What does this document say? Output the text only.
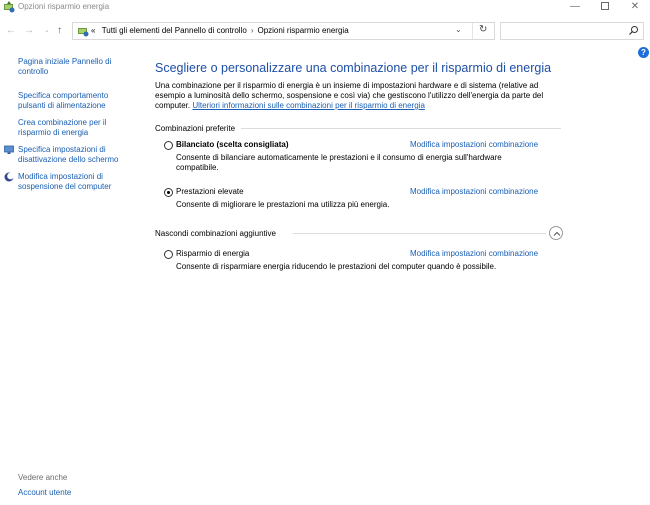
Opzioni risparmio energia	—	✕
← → ⌄ ↑	« Tutti gli elementi del Pannello di controllo › Opzioni risparmio energia	⌄ ↻
?
Pagina iniziale Pannello di
controllo
Specifica comportamento
pulsanti di alimentazione
Crea combinazione per il
risparmio di energia
Specifica impostazioni di
disattivazione dello schermo
Modifica impostazioni di
sospensione del computer
Vedere anche
Account utente
Scegliere o personalizzare una combinazione per il risparmio di energia
Una combinazione per il risparmio di energia è un insieme di impostazioni hardware e di sistema (relative ad esempio a luminosità dello schermo, sospensione e così via) che gestiscono l'utilizzo dell'energia da parte del computer. Ulteriori informazioni sulle combinazioni per il risparmio di energia
Combinazioni preferite
Bilanciato (scelta consigliata)	Modifica impostazioni combinazione
Consente di bilanciare automaticamente le prestazioni e il consumo di energia sull'hardware compatibile.
Prestazioni elevate	Modifica impostazioni combinazione
Consente di migliorare le prestazioni ma utilizza più energia.
Nascondi combinazioni aggiuntive
Risparmio di energia	Modifica impostazioni combinazione
Consente di risparmiare energia riducendo le prestazioni del computer quando è possibile.
